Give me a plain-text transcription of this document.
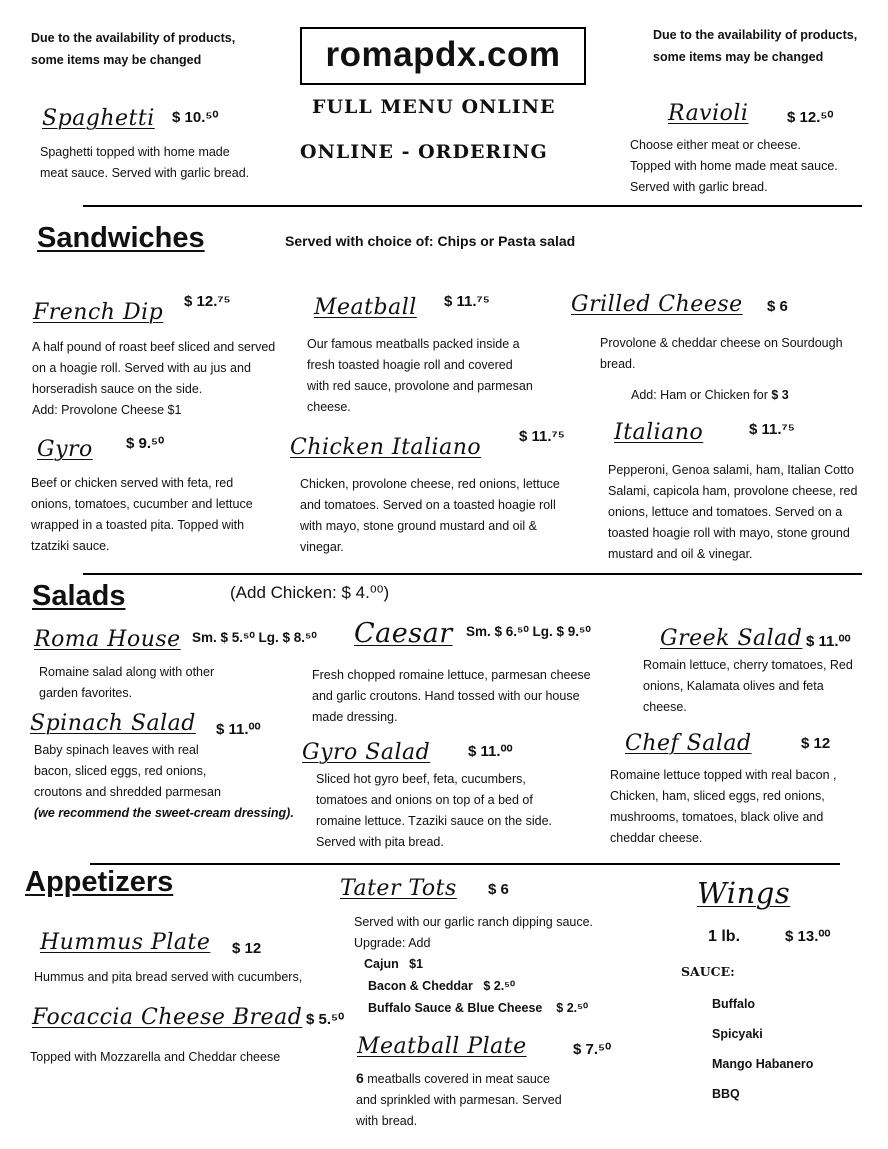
Due to the availability of products,
some items may be changed
Due to the availability of products,
some items may be changed
romapdx.com
FULL MENU ONLINE
ONLINE - ORDERING
Spaghetti $ 10.⁵⁰
Spaghetti topped with home made
meat sauce. Served with garlic bread.
Ravioli	$ 12.⁵⁰
Choose either meat or cheese.
Topped with home made meat sauce.
Served with garlic bread.
Sandwiches	Served with choice of: Chips or Pasta salad
French Dip $ 12.⁷⁵
A half pound of roast beef sliced and served
on a hoagie roll. Served with au jus and
horseradish sauce on the side.
Add: Provolone Cheese $1
Meatball $ 11.⁷⁵
Our famous meatballs packed inside a
fresh toasted hoagie roll and covered
with red sauce, provolone and parmesan
cheese.
Grilled Cheese $ 6
Provolone & cheddar cheese on Sourdough
bread.
Add: Ham or Chicken for $ 3
Gyro $ 9.⁵⁰
Beef or chicken served with feta, red
onions, tomatoes, cucumber and lettuce
wrapped in a toasted pita. Topped with
tzatziki sauce.
Chicken Italiano	$ 11.⁷⁵
Chicken, provolone cheese, red onions, lettuce
and tomatoes. Served on a toasted hoagie roll
with mayo, stone ground mustard and oil &
vinegar.
Italiano	$ 11.⁷⁵
Pepperoni, Genoa salami, ham, Italian Cotto
Salami, capicola ham, provolone cheese, red
onions, lettuce and tomatoes. Served on a
toasted hoagie roll with mayo, stone ground
mustard and oil & vinegar.
Salads	(Add Chicken: $ 4.⁰⁰)
Roma House Sm. $ 5.⁵⁰ Lg. $ 8.⁵⁰
Romaine salad along with other
garden favorites.
Caesar Sm. $ 6.⁵⁰ Lg. $ 9.⁵⁰
Fresh chopped romaine lettuce, parmesan cheese
and garlic croutons. Hand tossed with our house
made dressing.
Greek Salad $ 11.⁰⁰
Romain lettuce, cherry tomatoes, Red
onions, Kalamata olives and feta
cheese.
Spinach Salad $ 11.⁰⁰
Baby spinach leaves with real
bacon, sliced eggs, red onions,
croutons and shredded parmesan
(we recommend the sweet-cream dressing).
Gyro Salad	$ 11.⁰⁰
Sliced hot gyro beef, feta, cucumbers,
tomatoes and onions on top of a bed of
romaine lettuce. Tzaziki sauce on the side.
Served with pita bread.
Chef Salad	$ 12
Romaine lettuce topped with real bacon ,
Chicken, ham, sliced eggs, red onions,
mushrooms, tomatoes, black olive and
cheddar cheese.
Appetizers
Hummus Plate $ 12
Hummus and pita bread served with cucumbers,
Focaccia Cheese Bread $ 5.⁵⁰
Topped with Mozzarella and Cheddar cheese
Tater Tots $ 6
Served with our garlic ranch dipping sauce.
Upgrade: Add
Cajun $1
Bacon & Cheddar $ 2.⁵⁰
Buffalo Sauce & Blue Cheese $ 2.⁵⁰
Meatball Plate	$ 7.⁵⁰
6 meatballs covered in meat sauce
and sprinkled with parmesan. Served
with bread.
Wings
1 lb.	$ 13.⁰⁰
SAUCE:
Buffalo
Spicyaki
Mango Habanero
BBQ
